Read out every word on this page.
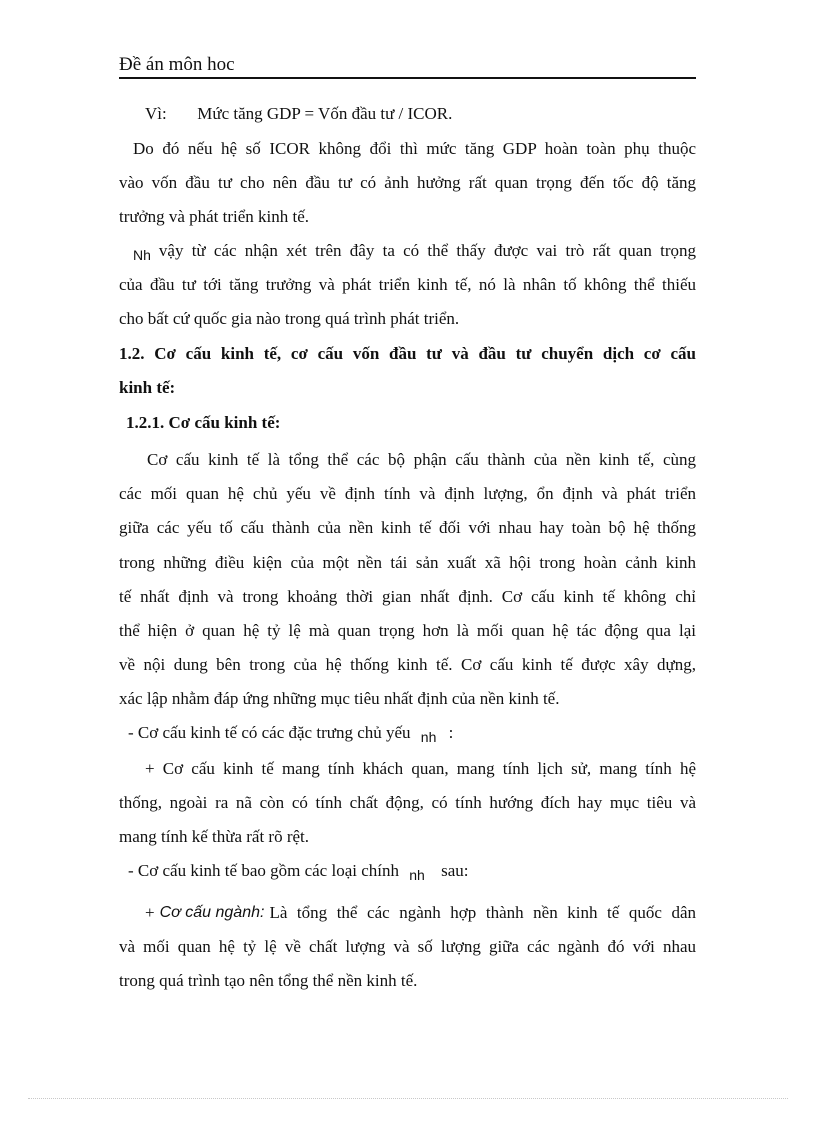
Đề án môn hoc
Vì: Mức tăng GDP = Vốn đầu tư / ICOR.
Do đó nếu hệ số ICOR không đổi thì mức tăng GDP hoàn toàn phụ thuộc
vào vốn đầu tư cho nên đầu tư có ảnh hưởng rất quan trọng đến tốc độ tăng
trưởng và phát triển kinh tế.
Nh vậy từ các nhận xét trên đây ta có thể thấy được vai trò rất quan trọng
của đầu tư tới tăng trưởng và phát triển kinh tế, nó là nhân tố không thể thiếu
cho bất cứ quốc gia nào trong quá trình phát triển.
1.2. Cơ cấu kinh tế, cơ cấu vốn đầu tư và đầu tư chuyển dịch cơ cấu
kinh tế:
1.2.1. Cơ cấu kinh tế:
Cơ cấu kinh tế là tổng thể các bộ phận cấu thành của nền kinh tế, cùng
các mối quan hệ chủ yếu về định tính và định lượng, ổn định và phát triển
giữa các yếu tố cấu thành của nền kinh tế đối với nhau hay toàn bộ hệ thống
trong những điều kiện của một nền tái sản xuất xã hội trong hoàn cảnh kinh
tế nhất định và trong khoảng thời gian nhất định. Cơ cấu kinh tế không chỉ
thể hiện ở quan hệ tỷ lệ mà quan trọng hơn là mối quan hệ tác động qua lại
về nội dung bên trong của hệ thống kinh tế. Cơ cấu kinh tế được xây dựng,
xác lập nhằm đáp ứng những mục tiêu nhất định của nền kinh tế.
- Cơ cấu kinh tế có các đặc trưng chủ yếu $_{nh}$ :
+ Cơ cấu kinh tế mang tính khách quan, mang tính lịch sử, mang tính hệ
thống, ngoài ra nã còn có tính chất động, có tính hướng đích hay mục tiêu và
mang tính kế thừa rất rõ rệt.
- Cơ cấu kinh tế bao gồm các loại chính $_{nh}$ sau:
+ Cơ cấu ngành: Là tổng thể các ngành hợp thành nền kinh tế quốc dân
và mối quan hệ tỷ lệ về chất lượng và số lượng giữa các ngành đó với nhau
trong quá trình tạo nên tổng thể nền kinh tế.
